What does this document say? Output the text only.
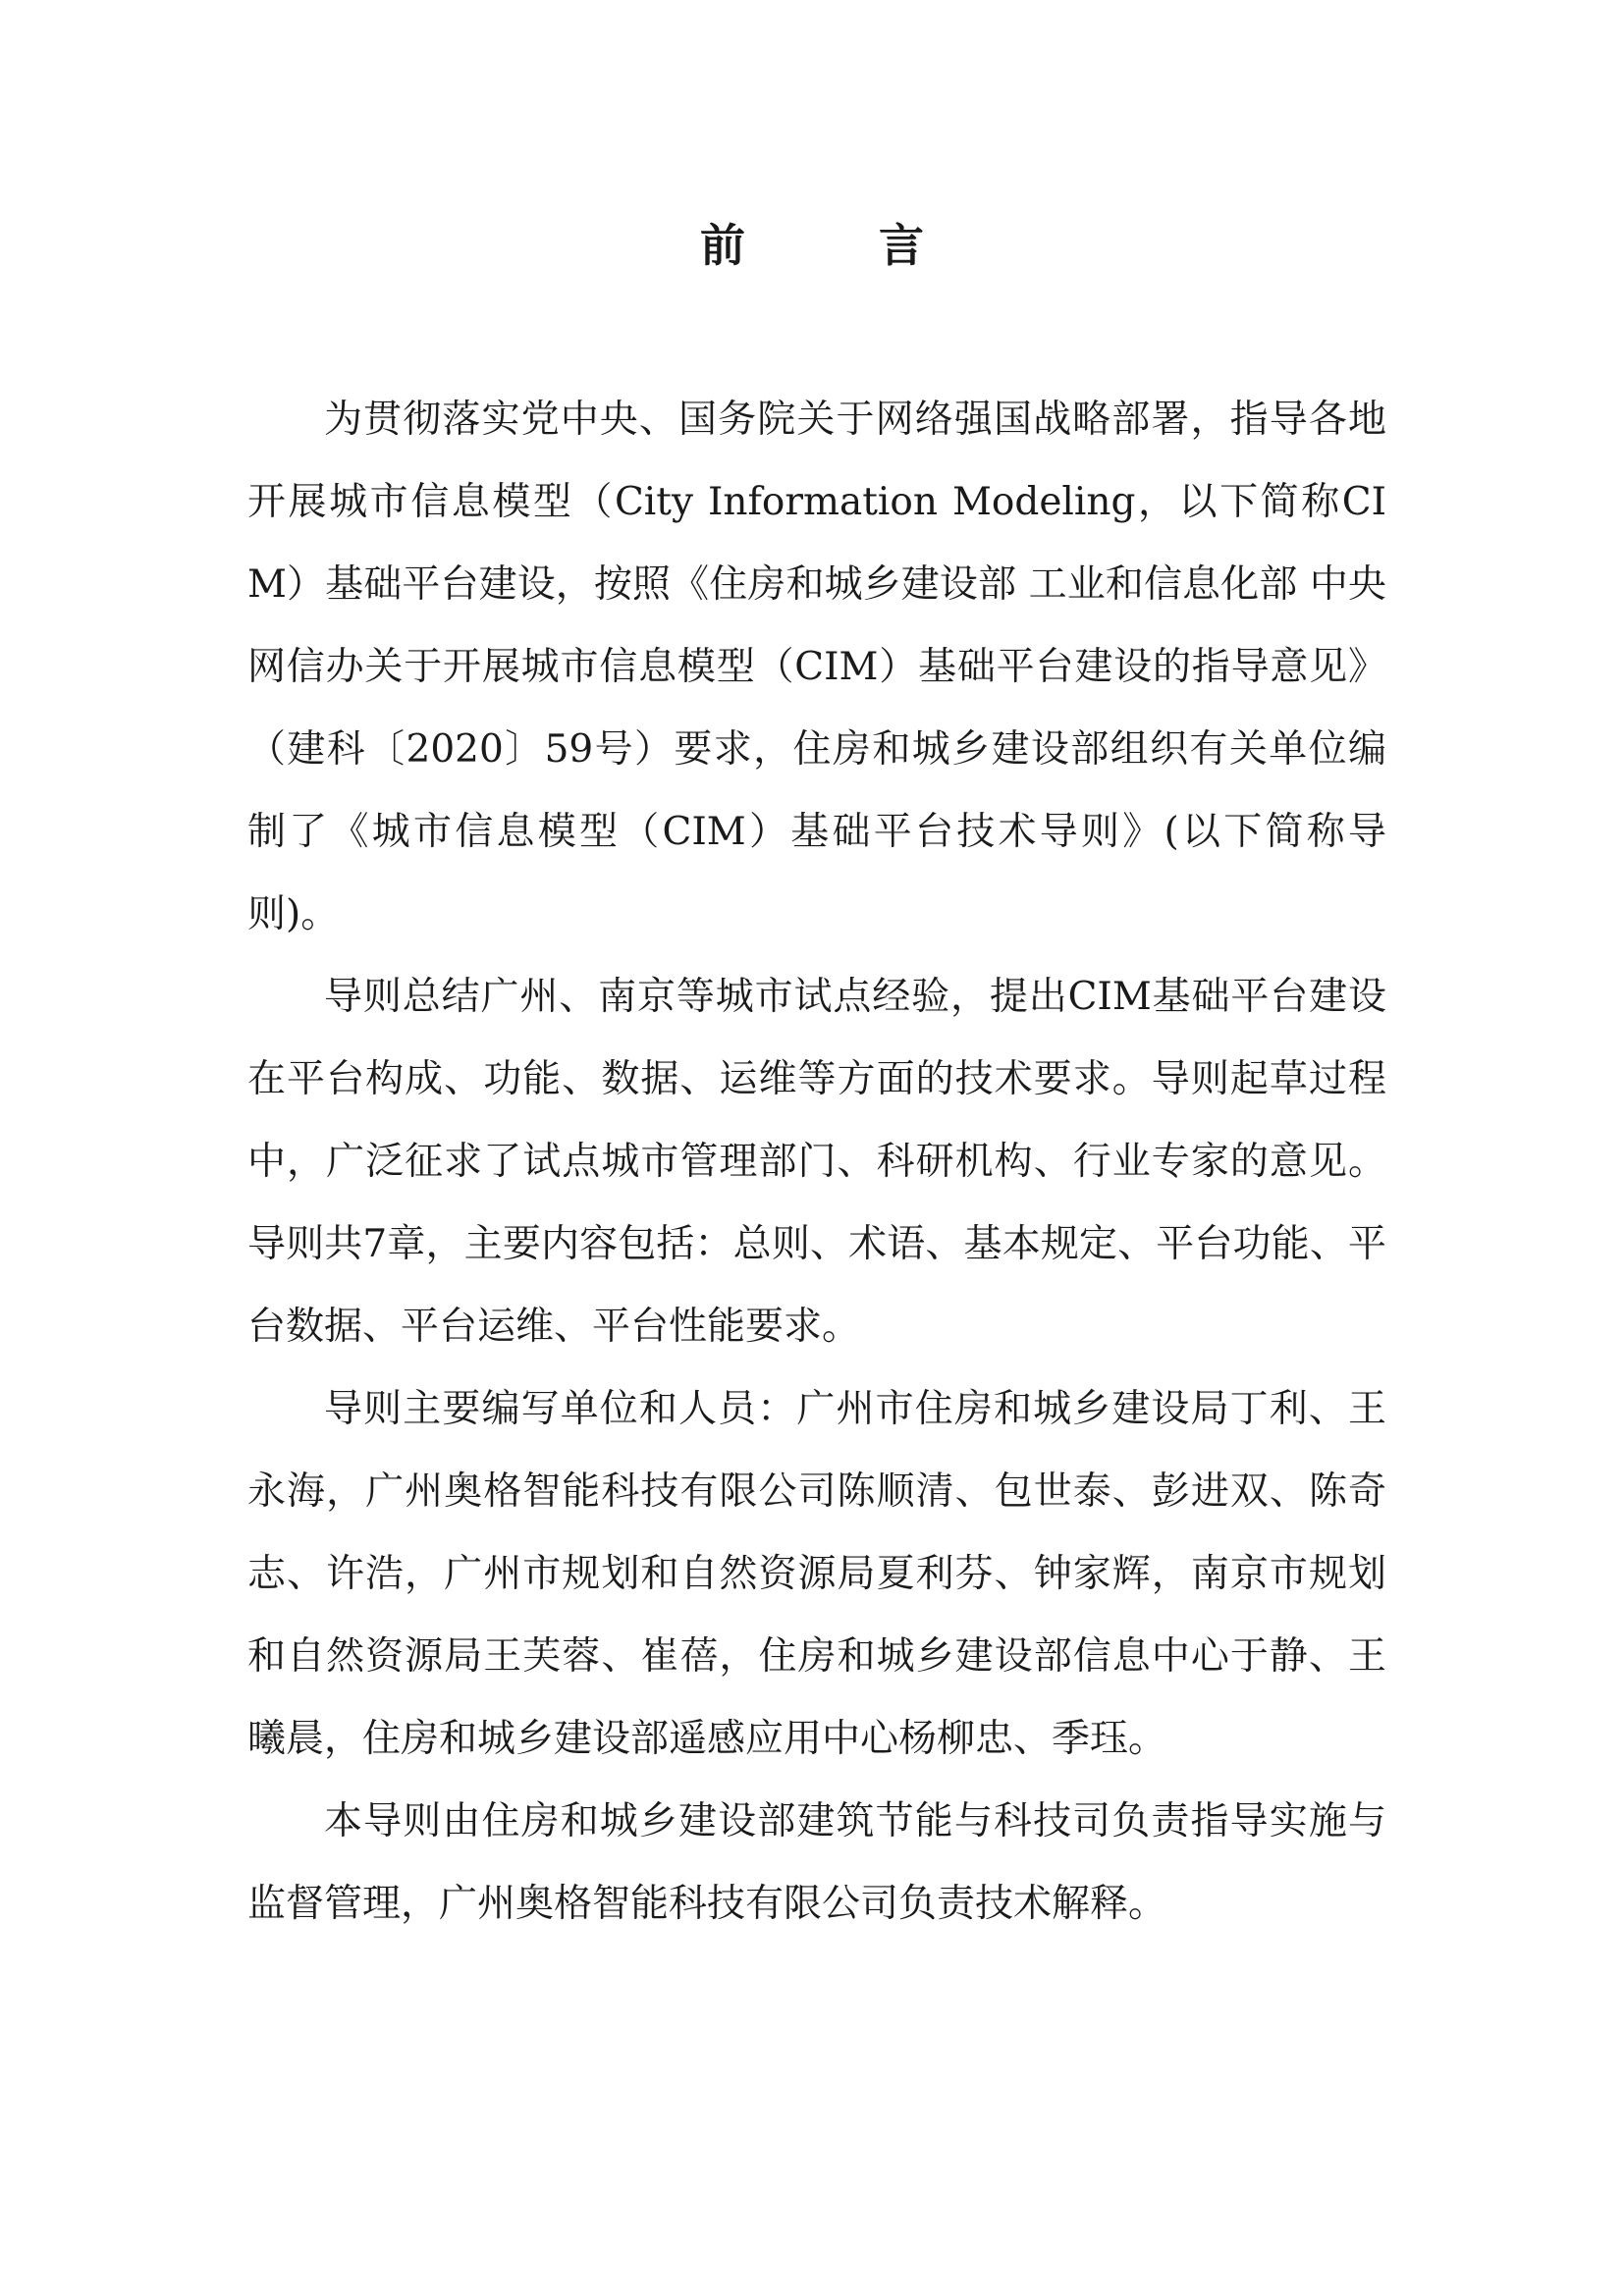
前 言

为贯彻落实党中央、国务院关于网络强国战略部署，指导各地开展城市信息模型（City Information Modeling，以下简称CIM）基础平台建设，按照《住房和城乡建设部 工业和信息化部 中央网信办关于开展城市信息模型（CIM）基础平台建设的指导意见》（建科〔2020〕59号）要求，住房和城乡建设部组织有关单位编制了《城市信息模型（CIM）基础平台技术导则》(以下简称导则)。

导则总结广州、南京等城市试点经验，提出CIM基础平台建设在平台构成、功能、数据、运维等方面的技术要求。导则起草过程中，广泛征求了试点城市管理部门、科研机构、行业专家的意见。导则共7章，主要内容包括：总则、术语、基本规定、平台功能、平台数据、平台运维、平台性能要求。

导则主要编写单位和人员：广州市住房和城乡建设局丁利、王永海，广州奥格智能科技有限公司陈顺清、包世泰、彭进双、陈奇志、许浩，广州市规划和自然资源局夏利芬、钟家辉，南京市规划和自然资源局王芙蓉、崔蓓，住房和城乡建设部信息中心于静、王曦晨，住房和城乡建设部遥感应用中心杨柳忠、季珏。

本导则由住房和城乡建设部建筑节能与科技司负责指导实施与监督管理，广州奥格智能科技有限公司负责技术解释。
